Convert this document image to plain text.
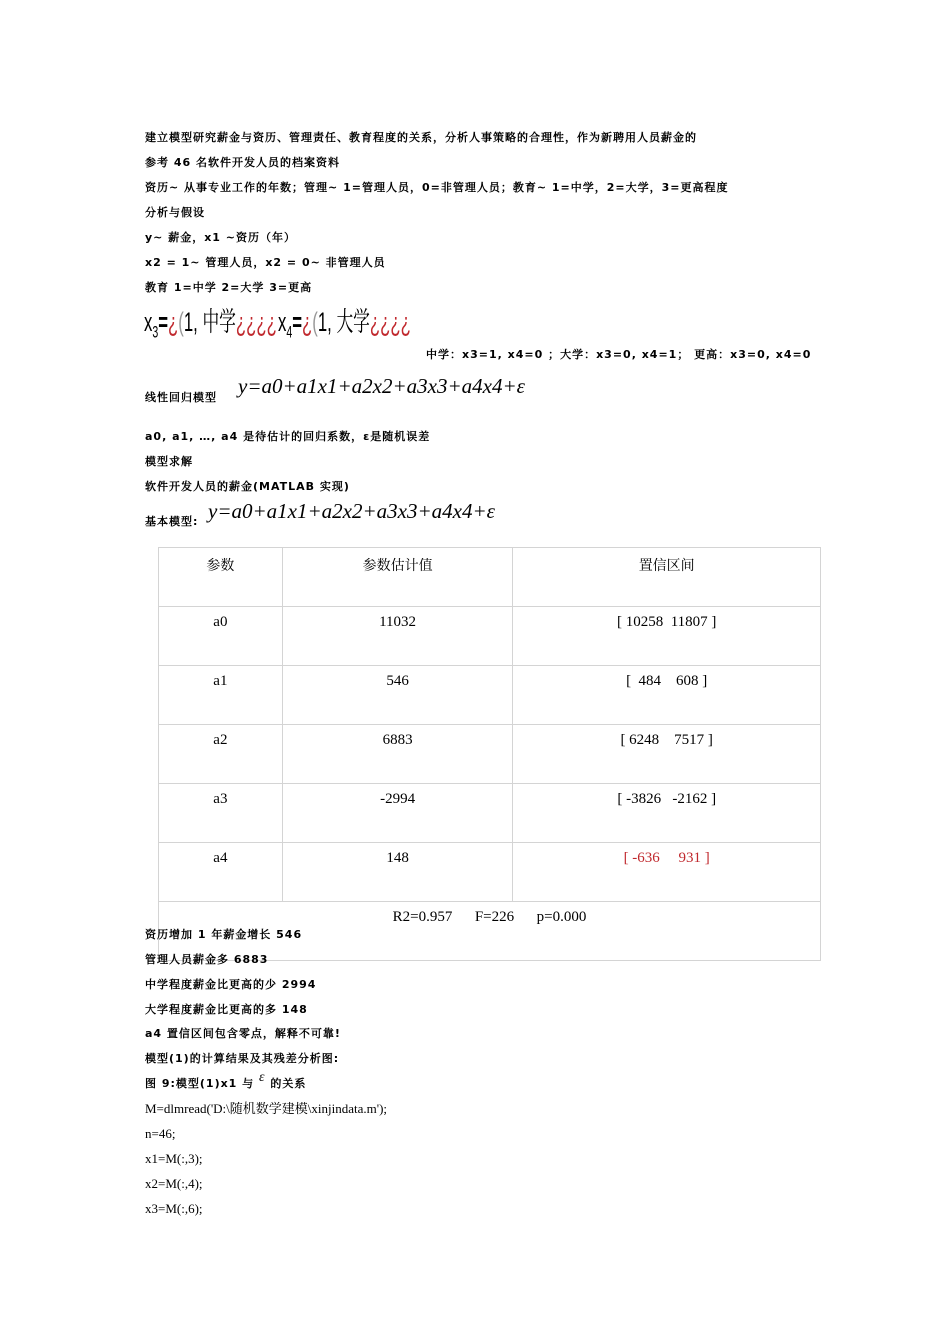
建立模型研究薪金与资历、管理责任、教育程度的关系，分析人事策略的合理性，作为新聘用人员薪金的
参考 46 名软件开发人员的档案资料
资历~ 从事专业工作的年数；管理~ 1=管理人员，0=非管理人员；教育~ 1=中学，2=大学，3=更高程度
分析与假设
y~ 薪金，x1 ~资历（年）
x2 = 1~ 管理人员，x2 = 0~ 非管理人员
教育 1=中学 2=大学 3=更高
$x_3=¿(1$, 中学¿¿¿¿ $x_4=¿(1$, 大学¿¿¿¿
中学：x3=1, x4=0 ；大学：x3=0, x4=1； 更高：x3=0, x4=0
线性回归模型 y=a0+a1x1+a2x2+a3x3+a4x4+ε
a0, a1, …, a4 是待估计的回归系数，ε是随机误差
模型求解
软件开发人员的薪金(MATLAB 实现)
基本模型: y=a0+a1x1+a2x2+a3x3+a4x4+ε
参数	参数估计值	置信区间
a0	11032	[ 10258  11807 ]
a1	546	[  484    608 ]
a2	6883	[ 6248    7517 ]
a3	-2994	[ -3826   -2162 ]
a4	148	[ -636     931 ]
R2=0.957      F=226      p=0.000		
资历增加 1 年薪金增长 546
管理人员薪金多 6883
中学程度薪金比更高的少 2994
大学程度薪金比更高的多 148
a4 置信区间包含零点，解释不可靠!
模型(1)的计算结果及其残差分析图:
图 9:模型(1)x1 与 ε 的关系
M=dlmread('D:\随机数学建模\xinjindata.m');
n=46;
x1=M(:,3);
x2=M(:,4);
x3=M(:,6);
